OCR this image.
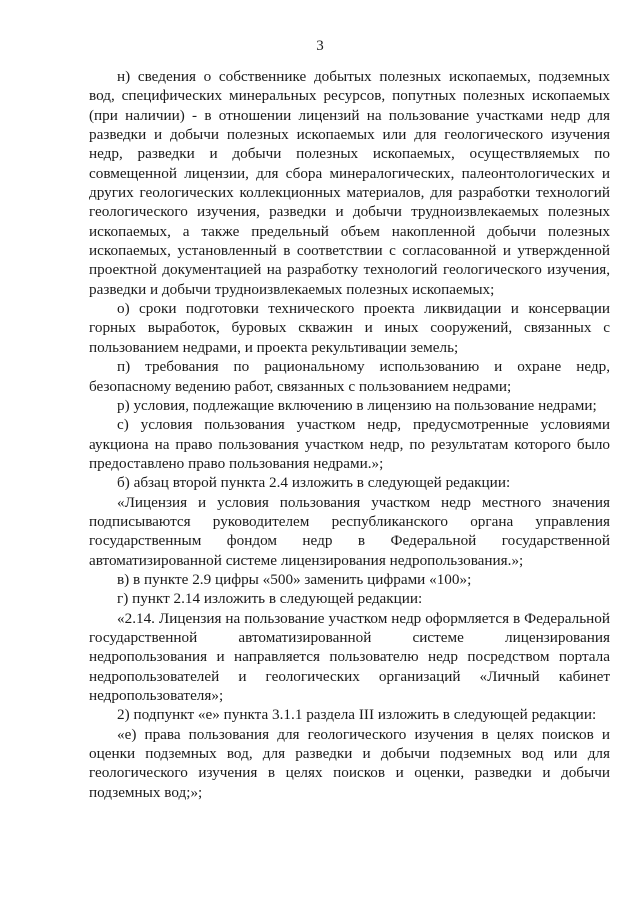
3

н) сведения о собственнике добытых полезных ископаемых, подземных вод, специфических минеральных ресурсов, попутных полезных ископаемых (при наличии) - в отношении лицензий на пользование участками недр для разведки и добычи полезных ископаемых или для геологического изучения недр, разведки и добычи полезных ископаемых, осуществляемых по совмещенной лицензии, для сбора минералогических, палеонтологических и других геологических коллекционных материалов, для разработки технологий геологического изучения, разведки и добычи трудноизвлекаемых полезных ископаемых, а также предельный объем накопленной добычи полезных ископаемых, установленный в соответствии с согласованной и утвержденной проектной документацией на разработку технологий геологического изучения, разведки и добычи трудноизвлекаемых полезных ископаемых;

о) сроки подготовки технического проекта ликвидации и консервации горных выработок, буровых скважин и иных сооружений, связанных с пользованием недрами, и проекта рекультивации земель;

п) требования по рациональному использованию и охране недр, безопасному ведению работ, связанных с пользованием недрами;

р) условия, подлежащие включению в лицензию на пользование недрами;

с) условия пользования участком недр, предусмотренные условиями аукциона на право пользования участком недр, по результатам которого было предоставлено право пользования недрами.»;

б) абзац второй пункта 2.4 изложить в следующей редакции:

«Лицензия и условия пользования участком недр местного значения подписываются руководителем республиканского органа управления государственным фондом недр в Федеральной государственной автоматизированной системе лицензирования недропользования.»;

в) в пункте 2.9 цифры «500» заменить цифрами «100»;

г) пункт 2.14 изложить в следующей редакции:

«2.14. Лицензия на пользование участком недр оформляется в Федеральной государственной автоматизированной системе лицензирования недропользования и направляется пользователю недр посредством портала недропользователей и геологических организаций «Личный кабинет недропользователя»;

2) подпункт «е» пункта 3.1.1 раздела III изложить в следующей редакции:

«е) права пользования для геологического изучения в целях поисков и оценки подземных вод, для разведки и добычи подземных вод или для геологического изучения в целях поисков и оценки, разведки и добычи подземных вод;»;
